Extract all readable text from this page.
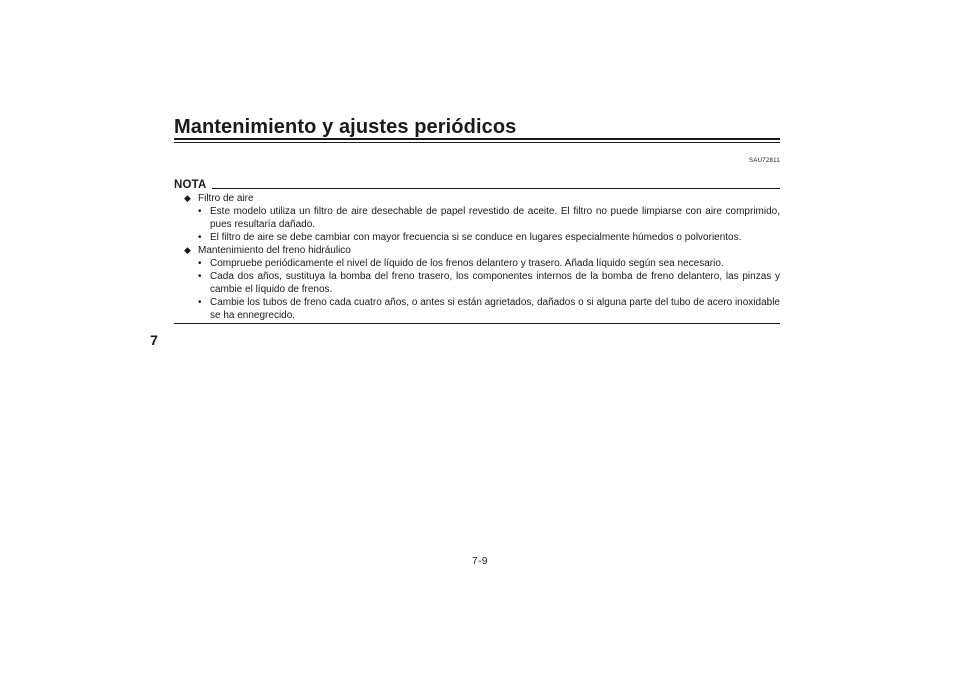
Mantenimiento y ajustes periódicos
SAU72811
7
NOTA
◆ Filtro de aire
• Este modelo utiliza un filtro de aire desechable de papel revestido de aceite. El filtro no puede limpiarse con aire comprimido, pues resultaría dañado.
• El filtro de aire se debe cambiar con mayor frecuencia si se conduce en lugares especialmente húmedos o polvorientos.
◆ Mantenimiento del freno hidráulico
• Compruebe periódicamente el nivel de líquido de los frenos delantero y trasero. Añada líquido según sea necesario.
• Cada dos años, sustituya la bomba del freno trasero, los componentes internos de la bomba de freno delantero, las pinzas y cambie el líquido de frenos.
• Cambie los tubos de freno cada cuatro años, o antes si están agrietados, dañados o si alguna parte del tubo de acero inoxidable se ha ennegrecido.
7-9
